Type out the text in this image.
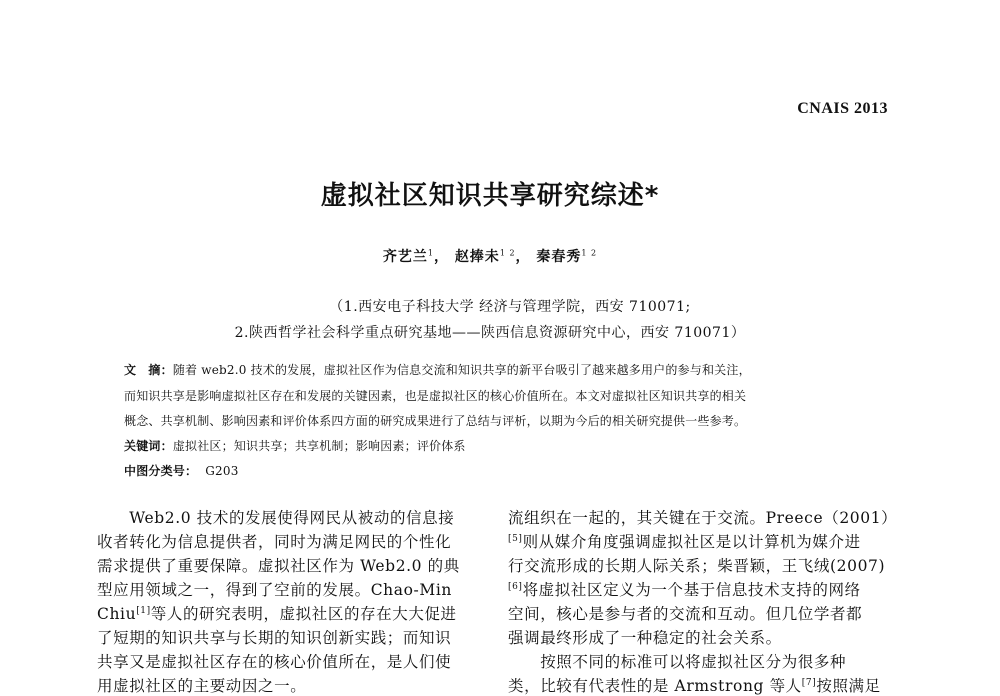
CNAIS 2013
虚拟社区知识共享研究综述*
齐艺兰$^1$， 赵捧未$^{1 2}$， 秦春秀$^{1 2}$
（1.西安电子科技大学 经济与管理学院，西安 710071;
2.陕西哲学社会科学重点研究基地——陕西信息资源研究中心，西安 710071）
文　摘：随着 web2.0 技术的发展，虚拟社区作为信息交流和知识共享的新平台吸引了越来越多用户的参与和关注，
而知识共享是影响虚拟社区存在和发展的关键因素，也是虚拟社区的核心价值所在。本文对虚拟社区知识共享的相关
概念、共享机制、影响因素和评价体系四方面的研究成果进行了总结与评析，以期为今后的相关研究提供一些参考。
关键词：虚拟社区；知识共享；共享机制；影响因素；评价体系
中图分类号： G203
　　Web2.0 技术的发展使得网民从被动的信息接
收者转化为信息提供者，同时为满足网民的个性化
需求提供了重要保障。虚拟社区作为 Web2.0 的典
型应用领域之一，得到了空前的发展。Chao-Min
Chiu[1]等人的研究表明，虚拟社区的存在大大促进
了短期的知识共享与长期的知识创新实践；而知识
共享又是虚拟社区存在的核心价值所在，是人们使
用虚拟社区的主要动因之一。
流组织在一起的，其关键在于交流。Preece（2001）
[5]则从媒介角度强调虚拟社区是以计算机为媒介进
行交流形成的长期人际关系；柴晋颖，王飞绒(2007)
[6]将虚拟社区定义为一个基于信息技术支持的网络
空间，核心是参与者的交流和互动。但几位学者都
强调最终形成了一种稳定的社会关系。
　　按照不同的标准可以将虚拟社区分为很多种
类，比较有代表性的是 Armstrong 等人[7]按照满足
